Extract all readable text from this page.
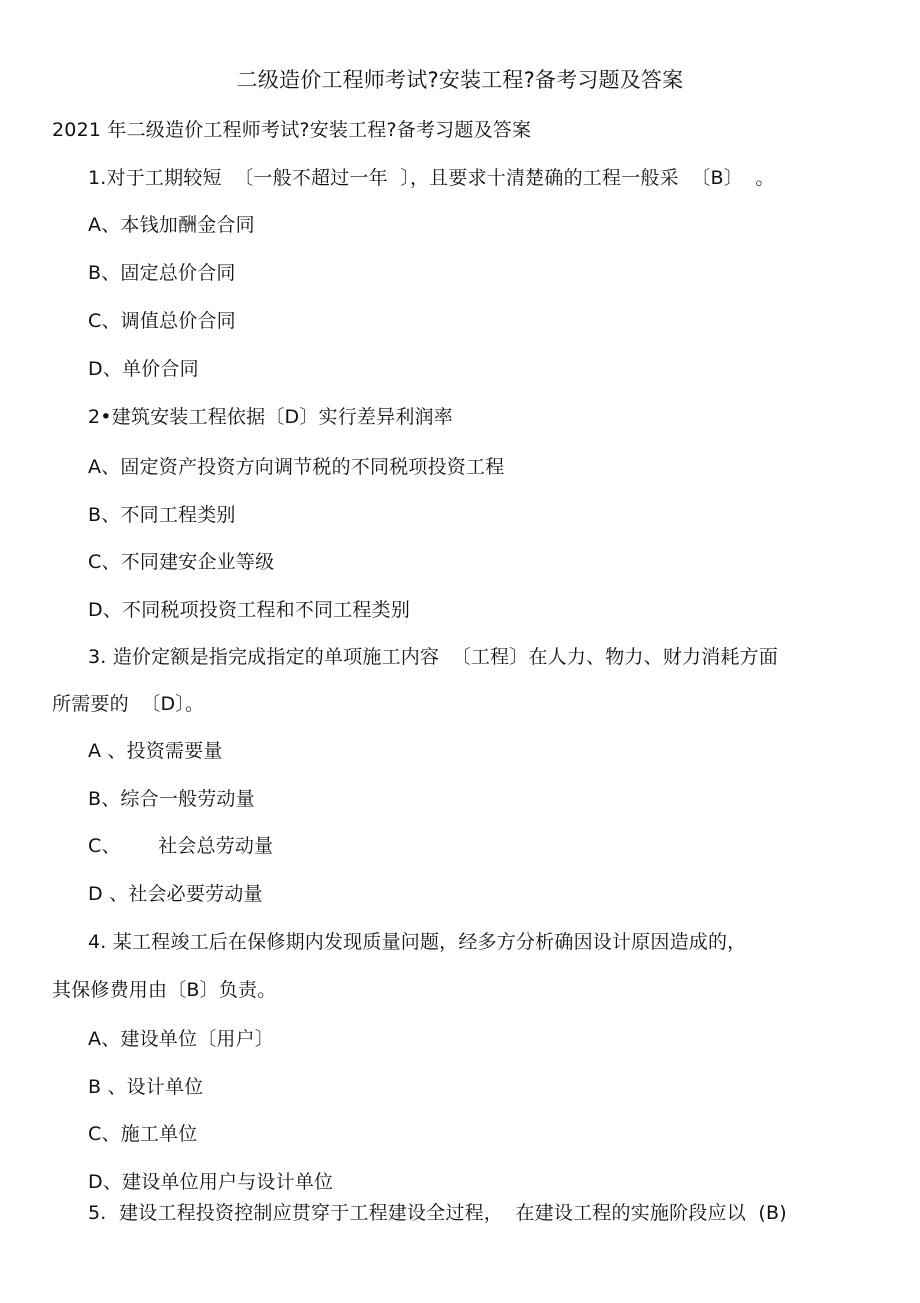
二级造价工程师考试?安装工程?备考习题及答案
2021 年二级造价工程师考试?安装工程?备考习题及答案
1.对于工期较短  〔一般不超过一年  〕，且要求十清楚确的工程一般采  〔B〕  。
A、本钱加酬金合同
B、固定总价合同
C、调值总价合同
D、单价合同
2•建筑安装工程依据〔D〕实行差异利润率
A、固定资产投资方向调节税的不同税项投资工程
B、不同工程类别
C、不同建安企业等级
D、不同税项投资工程和不同工程类别
3. 造价定额是指完成指定的单项施工内容  〔工程〕在人力、物力、财力消耗方面
所需要的  〔D〕。
A 、投资需要量
B、综合一般劳动量
C、      社会总劳动量
D 、社会必要劳动量
4. 某工程竣工后在保修期内发现质量问题，经多方分析确因设计原因造成的，
其保修费用由〔B〕负责。
A、建设单位〔用户〕
B 、设计单位
C、施工单位
D、建设单位用户与设计单位
5.  建设工程投资控制应贯穿于工程建设全过程，  在建设工程的实施阶段应以  (B)
